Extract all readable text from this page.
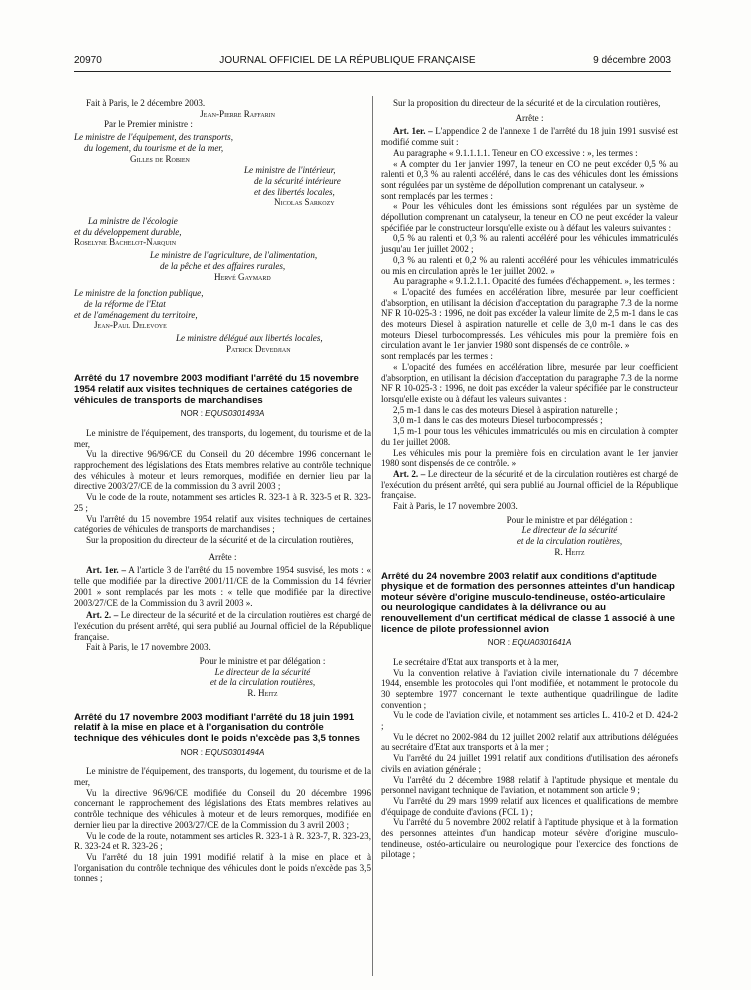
20970	JOURNAL OFFICIEL DE LA RÉPUBLIQUE FRANÇAISE	9 décembre 2003

Fait à Paris, le 2 décembre 2003.

Jean-Pierre Raffarin

Par le Premier ministre :

Le ministre de l'équipement, des transports,

du logement, du tourisme et de la mer,

Gilles de Robien

Le ministre de l'intérieur,

de la sécurité intérieure

et des libertés locales,

Nicolas Sarkozy

La ministre de l'écologie

et du développement durable,

Roselyne Bachelot-Narquin

Le ministre de l'agriculture, de l'alimentation,

de la pêche et des affaires rurales,

Hervé Gaymard

Le ministre de la fonction publique,

de la réforme de l'Etat

et de l'aménagement du territoire,

Jean-Paul Delevoye

Le ministre délégué aux libertés locales,

Patrick Devedjian

Arrêté du 17 novembre 2003 modifiant l'arrêté du 15 novembre 1954 relatif aux visites techniques de certaines catégories de véhicules de transports de marchandises

NOR : EQUS0301493A

Le ministre de l'équipement, des transports, du logement, du tourisme et de la mer,

Vu la directive 96/96/CE du Conseil du 20 décembre 1996 concernant le rapprochement des législations des Etats membres relative au contrôle technique des véhicules à moteur et leurs remorques, modifiée en dernier lieu par la directive 2003/27/CE de la commission du 3 avril 2003 ;

Vu le code de la route, notamment ses articles R. 323-1 à R. 323-5 et R. 323-25 ;

Vu l'arrêté du 15 novembre 1954 relatif aux visites techniques de certaines catégories de véhicules de transports de marchandises ;

Sur la proposition du directeur de la sécurité et de la circulation routières,

Arrête :

Art. 1er. – A l'article 3 de l'arrêté du 15 novembre 1954 susvisé, les mots : « telle que modifiée par la directive 2001/11/CE de la Commission du 14 février 2001 » sont remplacés par les mots : « telle que modifiée par la directive 2003/27/CE de la Commission du 3 avril 2003 ».

Art. 2. – Le directeur de la sécurité et de la circulation routières est chargé de l'exécution du présent arrêté, qui sera publié au Journal officiel de la République française.

Fait à Paris, le 17 novembre 2003.

Pour le ministre et par délégation :

Le directeur de la sécurité

et de la circulation routières,

R. Heitz

Arrêté du 17 novembre 2003 modifiant l'arrêté du 18 juin 1991 relatif à la mise en place et à l'organisation du contrôle technique des véhicules dont le poids n'excède pas 3,5 tonnes

NOR : EQUS0301494A

Le ministre de l'équipement, des transports, du logement, du tourisme et de la mer,

Vu la directive 96/96/CE modifiée du Conseil du 20 décembre 1996 concernant le rapprochement des législations des Etats membres relatives au contrôle technique des véhicules à moteur et de leurs remorques, modifiée en dernier lieu par la directive 2003/27/CE de la Commission du 3 avril 2003 ;

Vu le code de la route, notamment ses articles R. 323-1 à R. 323-7, R. 323-23, R. 323-24 et R. 323-26 ;

Vu l'arrêté du 18 juin 1991 modifié relatif à la mise en place et à l'organisation du contrôle technique des véhicules dont le poids n'excède pas 3,5 tonnes ;

Sur la proposition du directeur de la sécurité et de la circulation routières,

Arrête :

Art. 1er. – L'appendice 2 de l'annexe 1 de l'arrêté du 18 juin 1991 susvisé est modifié comme suit :

Au paragraphe « 9.1.1.1.1. Teneur en CO excessive : », les termes :

« A compter du 1er janvier 1997, la teneur en CO ne peut excéder 0,5 % au ralenti et 0,3 % au ralenti accéléré, dans le cas des véhicules dont les émissions sont régulées par un système de dépollution comprenant un catalyseur. »

sont remplacés par les termes :

« Pour les véhicules dont les émissions sont régulées par un système de dépollution comprenant un catalyseur, la teneur en CO ne peut excéder la valeur spécifiée par le constructeur lorsqu'elle existe ou à défaut les valeurs suivantes :

0,5 % au ralenti et 0,3 % au ralenti accéléré pour les véhicules immatriculés jusqu'au 1er juillet 2002 ;

0,3 % au ralenti et 0,2 % au ralenti accéléré pour les véhicules immatriculés ou mis en circulation après le 1er juillet 2002. »

Au paragraphe « 9.1.2.1.1. Opacité des fumées d'échappement. », les termes :

« L'opacité des fumées en accélération libre, mesurée par leur coefficient d'absorption, en utilisant la décision d'acceptation du paragraphe 7.3 de la norme NF R 10-025-3 : 1996, ne doit pas excéder la valeur limite de 2,5 m-1 dans le cas des moteurs Diesel à aspiration naturelle et celle de 3,0 m-1 dans le cas des moteurs Diesel turbocompressés. Les véhicules mis pour la première fois en circulation avant le 1er janvier 1980 sont dispensés de ce contrôle. »

sont remplacés par les termes :

« L'opacité des fumées en accélération libre, mesurée par leur coefficient d'absorption, en utilisant la décision d'acceptation du paragraphe 7.3 de la norme NF R 10-025-3 : 1996, ne doit pas excéder la valeur spécifiée par le constructeur lorsqu'elle existe ou à défaut les valeurs suivantes :

2,5 m-1 dans le cas des moteurs Diesel à aspiration naturelle ;

3,0 m-1 dans le cas des moteurs Diesel turbocompressés ;

1,5 m-1 pour tous les véhicules immatriculés ou mis en circulation à compter du 1er juillet 2008.

Les véhicules mis pour la première fois en circulation avant le 1er janvier 1980 sont dispensés de ce contrôle. »

Art. 2. – Le directeur de la sécurité et de la circulation routières est chargé de l'exécution du présent arrêté, qui sera publié au Journal officiel de la République française.

Fait à Paris, le 17 novembre 2003.

Pour le ministre et par délégation :

Le directeur de la sécurité

et de la circulation routières,

R. Heitz

Arrêté du 24 novembre 2003 relatif aux conditions d'aptitude physique et de formation des personnes atteintes d'un handicap moteur sévère d'origine musculo-tendineuse, ostéo-articulaire ou neurologique candidates à la délivrance ou au renouvellement d'un certificat médical de classe 1 associé à une licence de pilote professionnel avion

NOR : EQUA0301641A

Le secrétaire d'Etat aux transports et à la mer,

Vu la convention relative à l'aviation civile internationale du 7 décembre 1944, ensemble les protocoles qui l'ont modifiée, et notamment le protocole du 30 septembre 1977 concernant le texte authentique quadrilingue de ladite convention ;

Vu le code de l'aviation civile, et notamment ses articles L. 410-2 et D. 424-2 ;

Vu le décret no 2002-984 du 12 juillet 2002 relatif aux attributions déléguées au secrétaire d'Etat aux transports et à la mer ;

Vu l'arrêté du 24 juillet 1991 relatif aux conditions d'utilisation des aéronefs civils en aviation générale ;

Vu l'arrêté du 2 décembre 1988 relatif à l'aptitude physique et mentale du personnel navigant technique de l'aviation, et notamment son article 9 ;

Vu l'arrêté du 29 mars 1999 relatif aux licences et qualifications de membre d'équipage de conduite d'avions (FCL 1) ;

Vu l'arrêté du 5 novembre 2002 relatif à l'aptitude physique et à la formation des personnes atteintes d'un handicap moteur sévère d'origine musculo-tendineuse, ostéo-articulaire ou neurologique pour l'exercice des fonctions de pilotage ;
